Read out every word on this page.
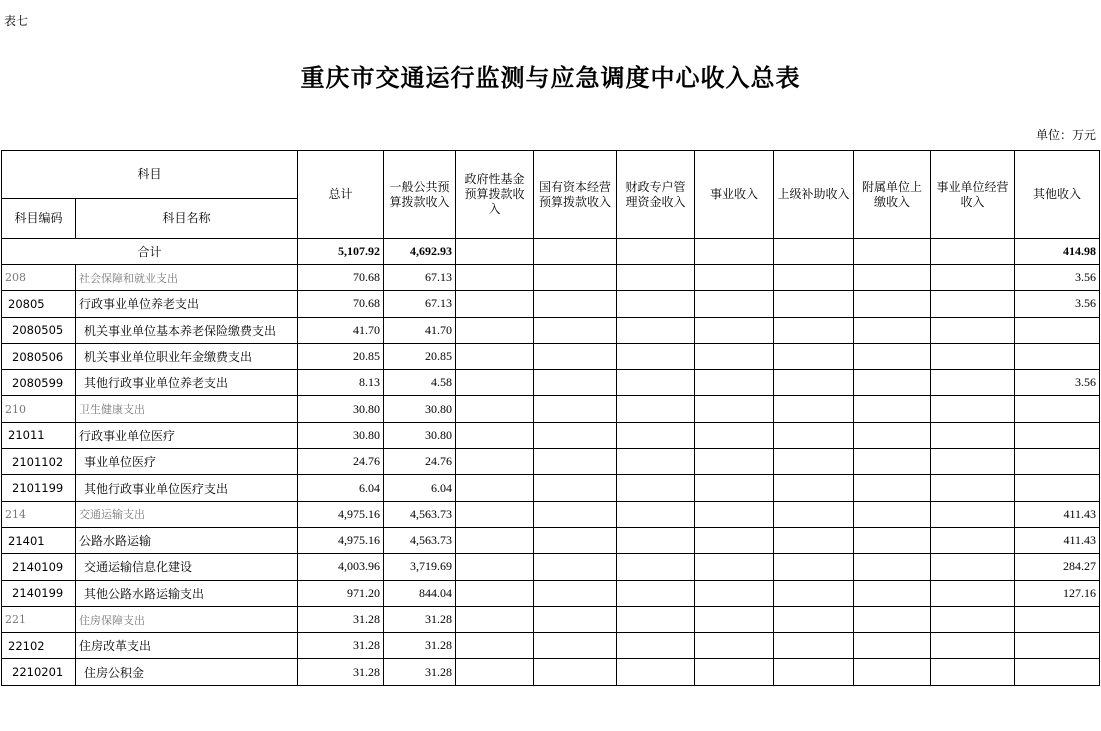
表七
重庆市交通运行监测与应急调度中心收入总表
单位：万元
科目		总计	一般公共预算拨款收入	政府性基金预算拨款收入	国有资本经营预算拨款收入	财政专户管理资金收入	事业收入	上级补助收入	附属单位上缴收入	事业单位经营收入	其他收入
科目编码	科目名称										
合计		5,107.92	4,692.93								414.98
208	社会保障和就业支出	70.68	67.13								3.56
20805	行政事业单位养老支出	70.68	67.13								3.56
2080505	机关事业单位基本养老保险缴费支出	41.70	41.70								
2080506	机关事业单位职业年金缴费支出	20.85	20.85								
2080599	其他行政事业单位养老支出	8.13	4.58								3.56
210	卫生健康支出	30.80	30.80								
21011	行政事业单位医疗	30.80	30.80								
2101102	事业单位医疗	24.76	24.76								
2101199	其他行政事业单位医疗支出	6.04	6.04								
214	交通运输支出	4,975.16	4,563.73								411.43
21401	公路水路运输	4,975.16	4,563.73								411.43
2140109	交通运输信息化建设	4,003.96	3,719.69								284.27
2140199	其他公路水路运输支出	971.20	844.04								127.16
221	住房保障支出	31.28	31.28								
22102	住房改革支出	31.28	31.28								
2210201	住房公积金	31.28	31.28								
